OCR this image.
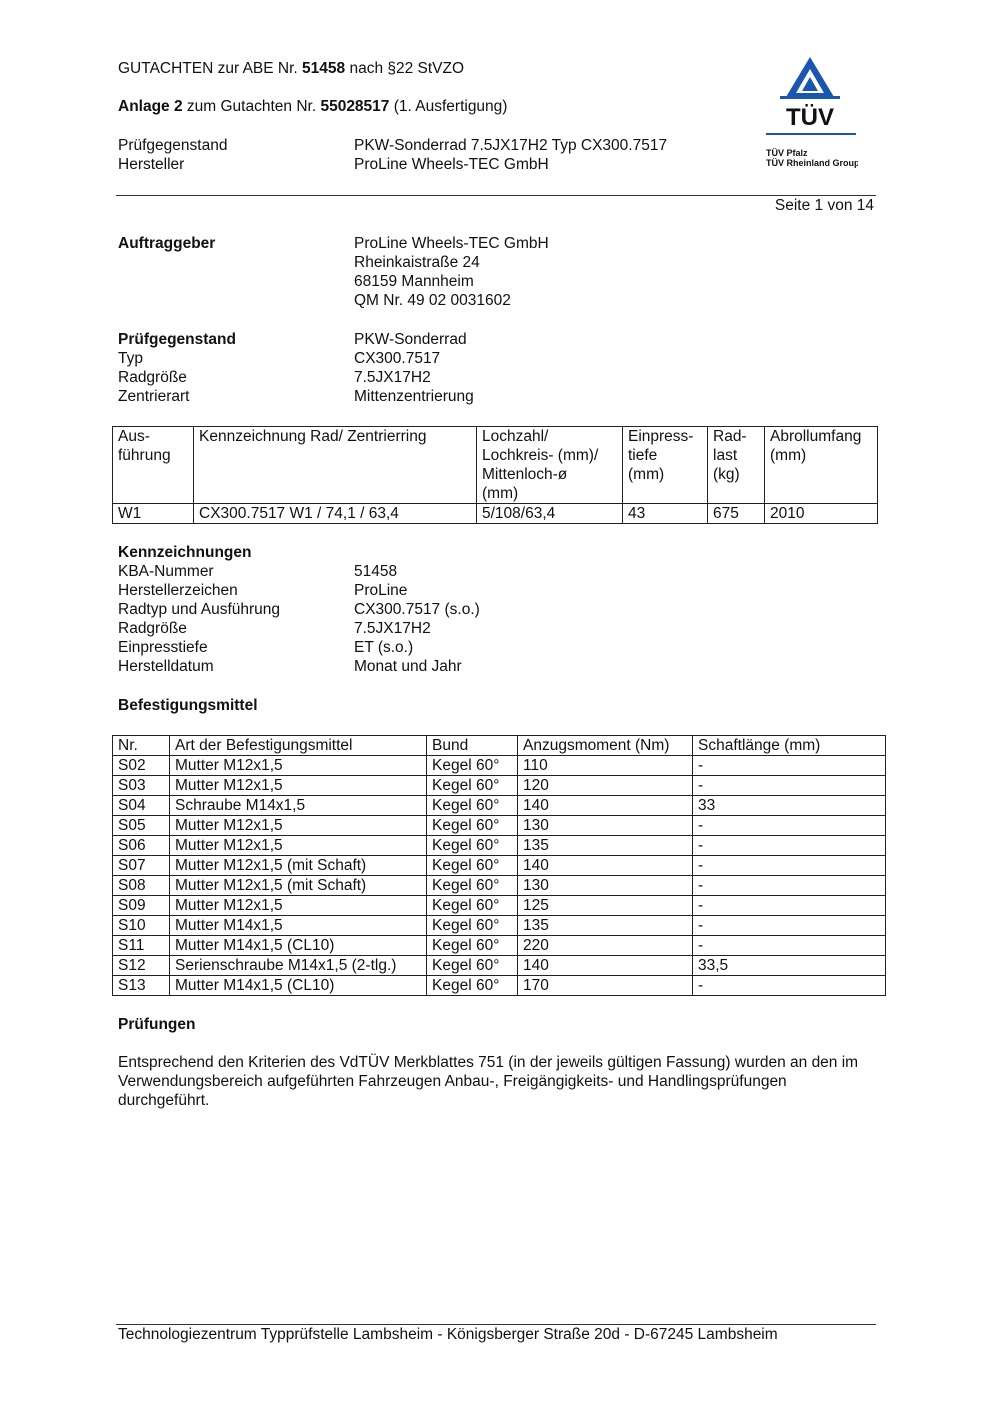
GUTACHTEN zur ABE Nr. 51458 nach §22 StVZO
Anlage 2 zum Gutachten Nr. 55028517 (1. Ausfertigung)
Prüfgegenstand	PKW-Sonderrad 7.5JX17H2 Typ CX300.7517
Hersteller	ProLine Wheels-TEC GmbH
TÜV
TÜV Pfalz
TÜV Rheinland Group
Seite 1 von 14
Auftraggeber	ProLine Wheels-TEC GmbH
Rheinkaistraße 24
68159 Mannheim
QM Nr. 49 02 0031602
Prüfgegenstand	PKW-Sonderrad
Typ	CX300.7517
Radgröße	7.5JX17H2
Zentrierart	Mittenzentrierung
Aus-
führung	Kennzeichnung Rad/ Zentrierring	Lochzahl/
Lochkreis- (mm)/
Mittenloch-ø
(mm)	Einpress-
tiefe
(mm)	Rad-
last
(kg)	Abrollumfang
(mm)
W1	CX300.7517 W1 / 74,1 / 63,4	5/108/63,4	43	675	2010
Kennzeichnungen
KBA-Nummer	51458
Herstellerzeichen	ProLine
Radtyp und Ausführung	CX300.7517 (s.o.)
Radgröße	7.5JX17H2
Einpresstiefe	ET (s.o.)
Herstelldatum	Monat und Jahr
Befestigungsmittel
Nr.	Art der Befestigungsmittel	Bund	Anzugsmoment (Nm)	Schaftlänge (mm)
S02	Mutter M12x1,5	Kegel 60°	110	-
S03	Mutter M12x1,5	Kegel 60°	120	-
S04	Schraube M14x1,5	Kegel 60°	140	33
S05	Mutter M12x1,5	Kegel 60°	130	-
S06	Mutter M12x1,5	Kegel 60°	135	-
S07	Mutter M12x1,5 (mit Schaft)	Kegel 60°	140	-
S08	Mutter M12x1,5 (mit Schaft)	Kegel 60°	130	-
S09	Mutter M12x1,5	Kegel 60°	125	-
S10	Mutter M14x1,5	Kegel 60°	135	-
S11	Mutter M14x1,5 (CL10)	Kegel 60°	220	-
S12	Serienschraube M14x1,5 (2-tlg.)	Kegel 60°	140	33,5
S13	Mutter M14x1,5 (CL10)	Kegel 60°	170	-
Prüfungen
Entsprechend den Kriterien des VdTÜV Merkblattes 751 (in der jeweils gültigen Fassung) wurden an den im Verwendungsbereich aufgeführten Fahrzeugen Anbau-, Freigängigkeits- und Handlingsprüfungen durchgeführt.
Technologiezentrum Typprüfstelle Lambsheim - Königsberger Straße 20d - D-67245 Lambsheim
